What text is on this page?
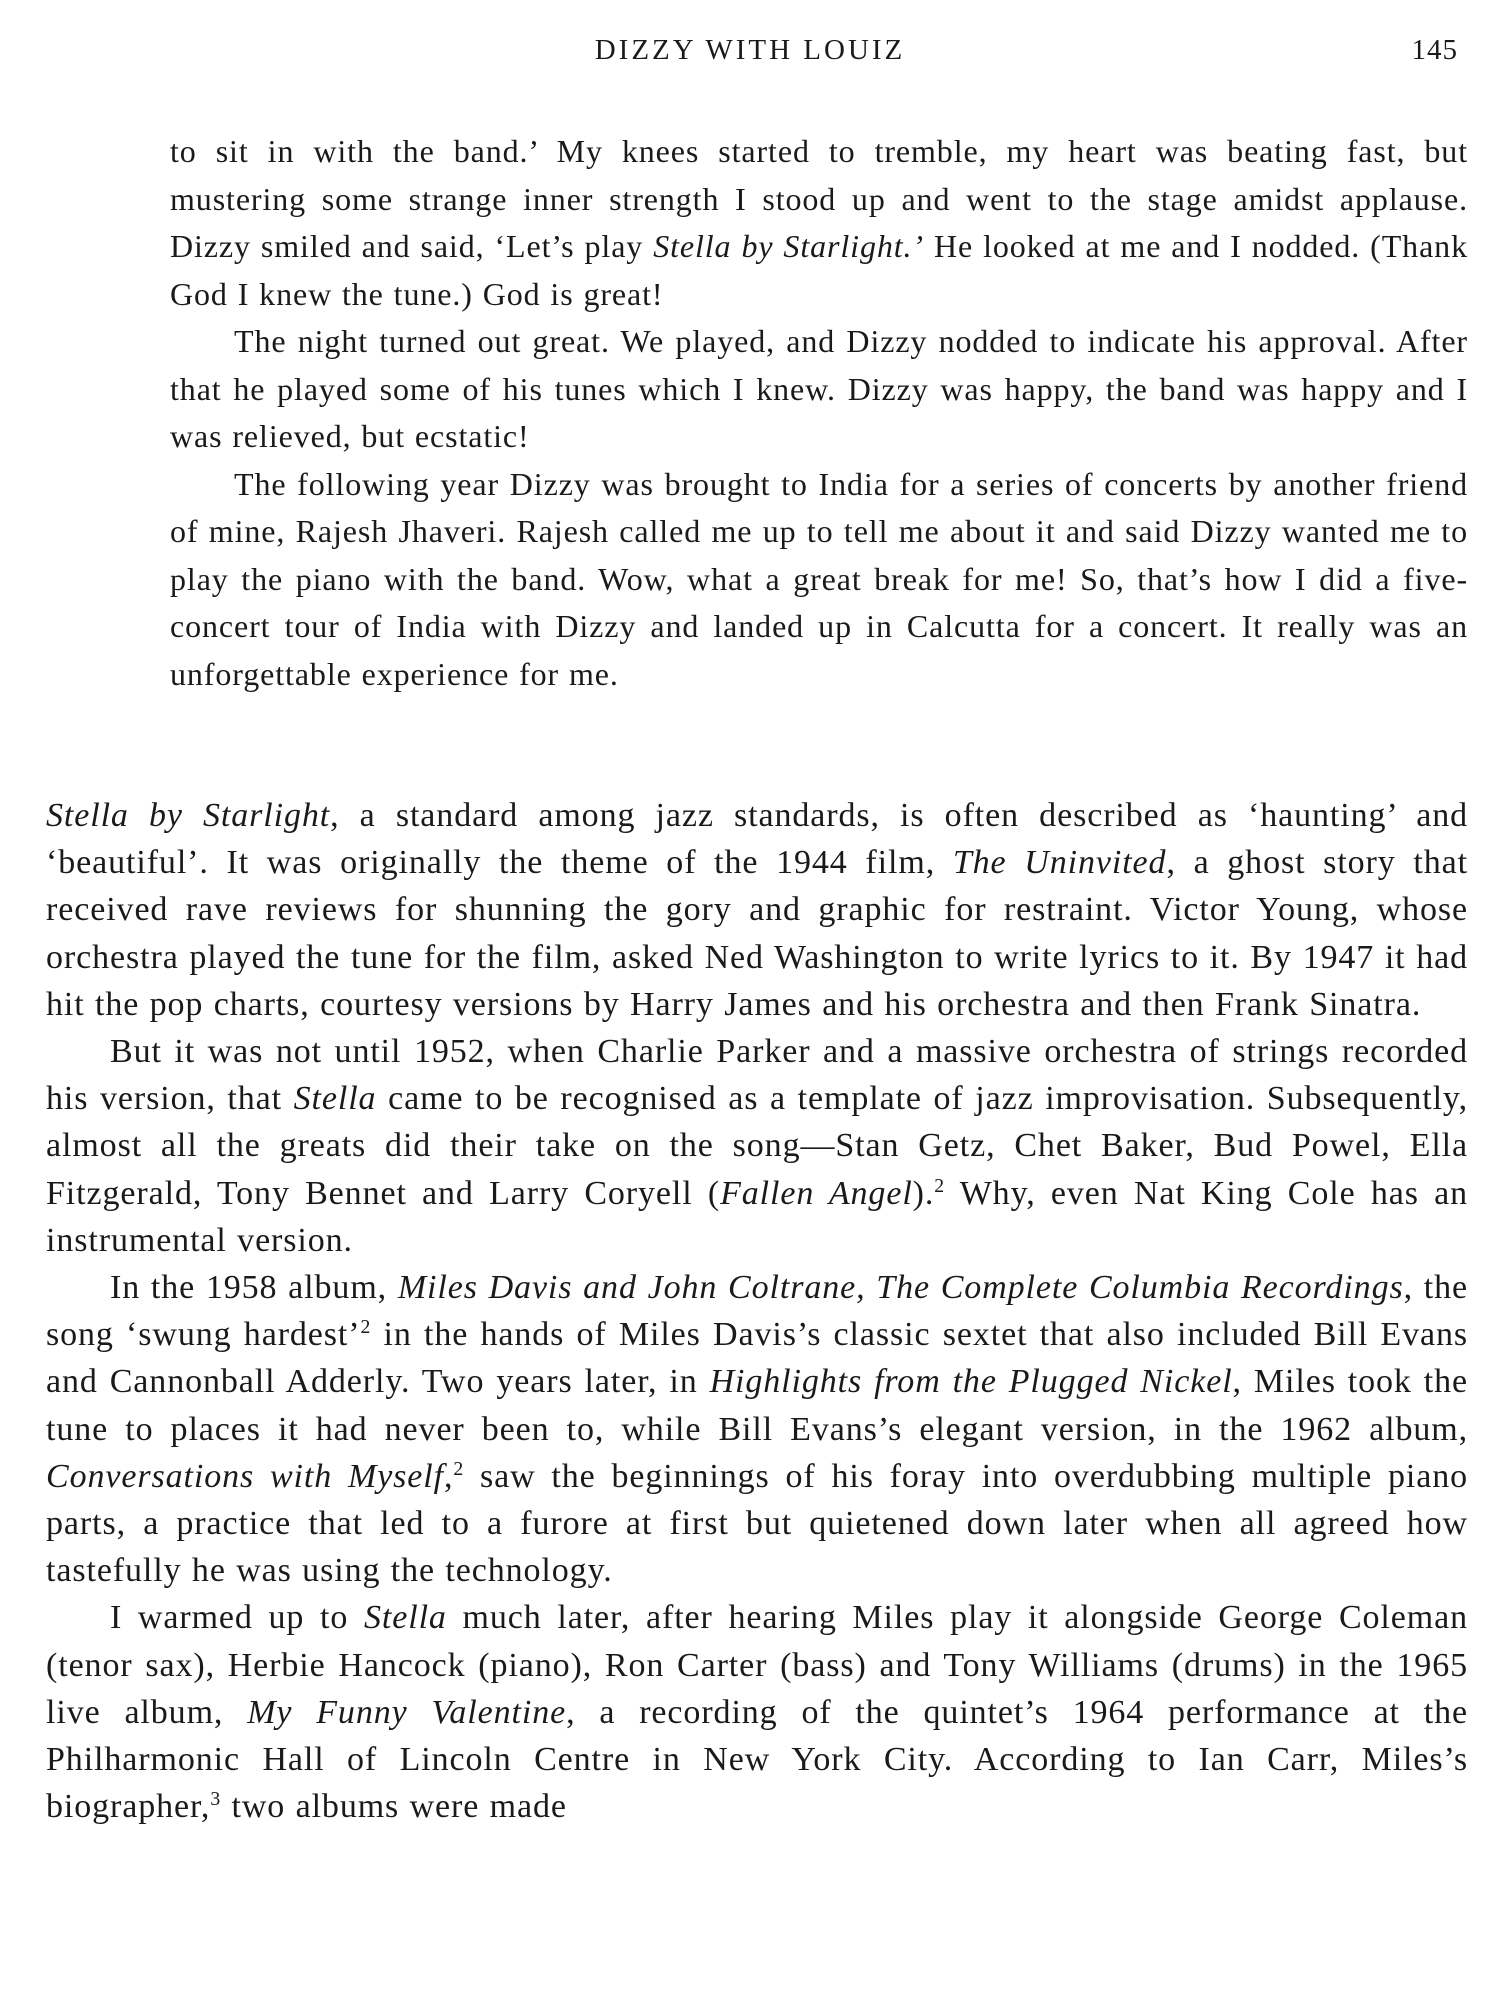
DIZZY WITH LOUIZ	145

to sit in with the band.’ My knees started to tremble, my heart was beating fast, but mustering some strange inner strength I stood up and went to the stage amidst applause. Dizzy smiled and said, ‘Let’s play Stella by Starlight.’ He looked at me and I nodded. (Thank God I knew the tune.) God is great!

The night turned out great. We played, and Dizzy nodded to indicate his approval. After that he played some of his tunes which I knew. Dizzy was happy, the band was happy and I was relieved, but ecstatic!

The following year Dizzy was brought to India for a series of concerts by another friend of mine, Rajesh Jhaveri. Rajesh called me up to tell me about it and said Dizzy wanted me to play the piano with the band. Wow, what a great break for me! So, that’s how I did a five-concert tour of India with Dizzy and landed up in Calcutta for a concert. It really was an unforgettable experience for me.

Stella by Starlight, a standard among jazz standards, is often described as ‘haunting’ and ‘beautiful’. It was originally the theme of the 1944 film, The Uninvited, a ghost story that received rave reviews for shunning the gory and graphic for restraint. Victor Young, whose orchestra played the tune for the film, asked Ned Washington to write lyrics to it. By 1947 it had hit the pop charts, courtesy versions by Harry James and his orchestra and then Frank Sinatra.

But it was not until 1952, when Charlie Parker and a massive orchestra of strings recorded his version, that Stella came to be recognised as a template of jazz improvisation. Subsequently, almost all the greats did their take on the song—Stan Getz, Chet Baker, Bud Powel, Ella Fitzgerald, Tony Bennet and Larry Coryell (Fallen Angel).$^2$ Why, even Nat King Cole has an instrumental version.

In the 1958 album, Miles Davis and John Coltrane, The Complete Columbia Recordings, the song ‘swung hardest’$^2$ in the hands of Miles Davis’s classic sextet that also included Bill Evans and Cannonball Adderly. Two years later, in Highlights from the Plugged Nickel, Miles took the tune to places it had never been to, while Bill Evans’s elegant version, in the 1962 album, Conversations with Myself,$^2$ saw the beginnings of his foray into overdubbing multiple piano parts, a practice that led to a furore at first but quietened down later when all agreed how tastefully he was using the technology.

I warmed up to Stella much later, after hearing Miles play it alongside George Coleman (tenor sax), Herbie Hancock (piano), Ron Carter (bass) and Tony Williams (drums) in the 1965 live album, My Funny Valentine, a recording of the quintet’s 1964 performance at the Philharmonic Hall of Lincoln Centre in New York City. According to Ian Carr, Miles’s biographer,$^3$ two albums were made
